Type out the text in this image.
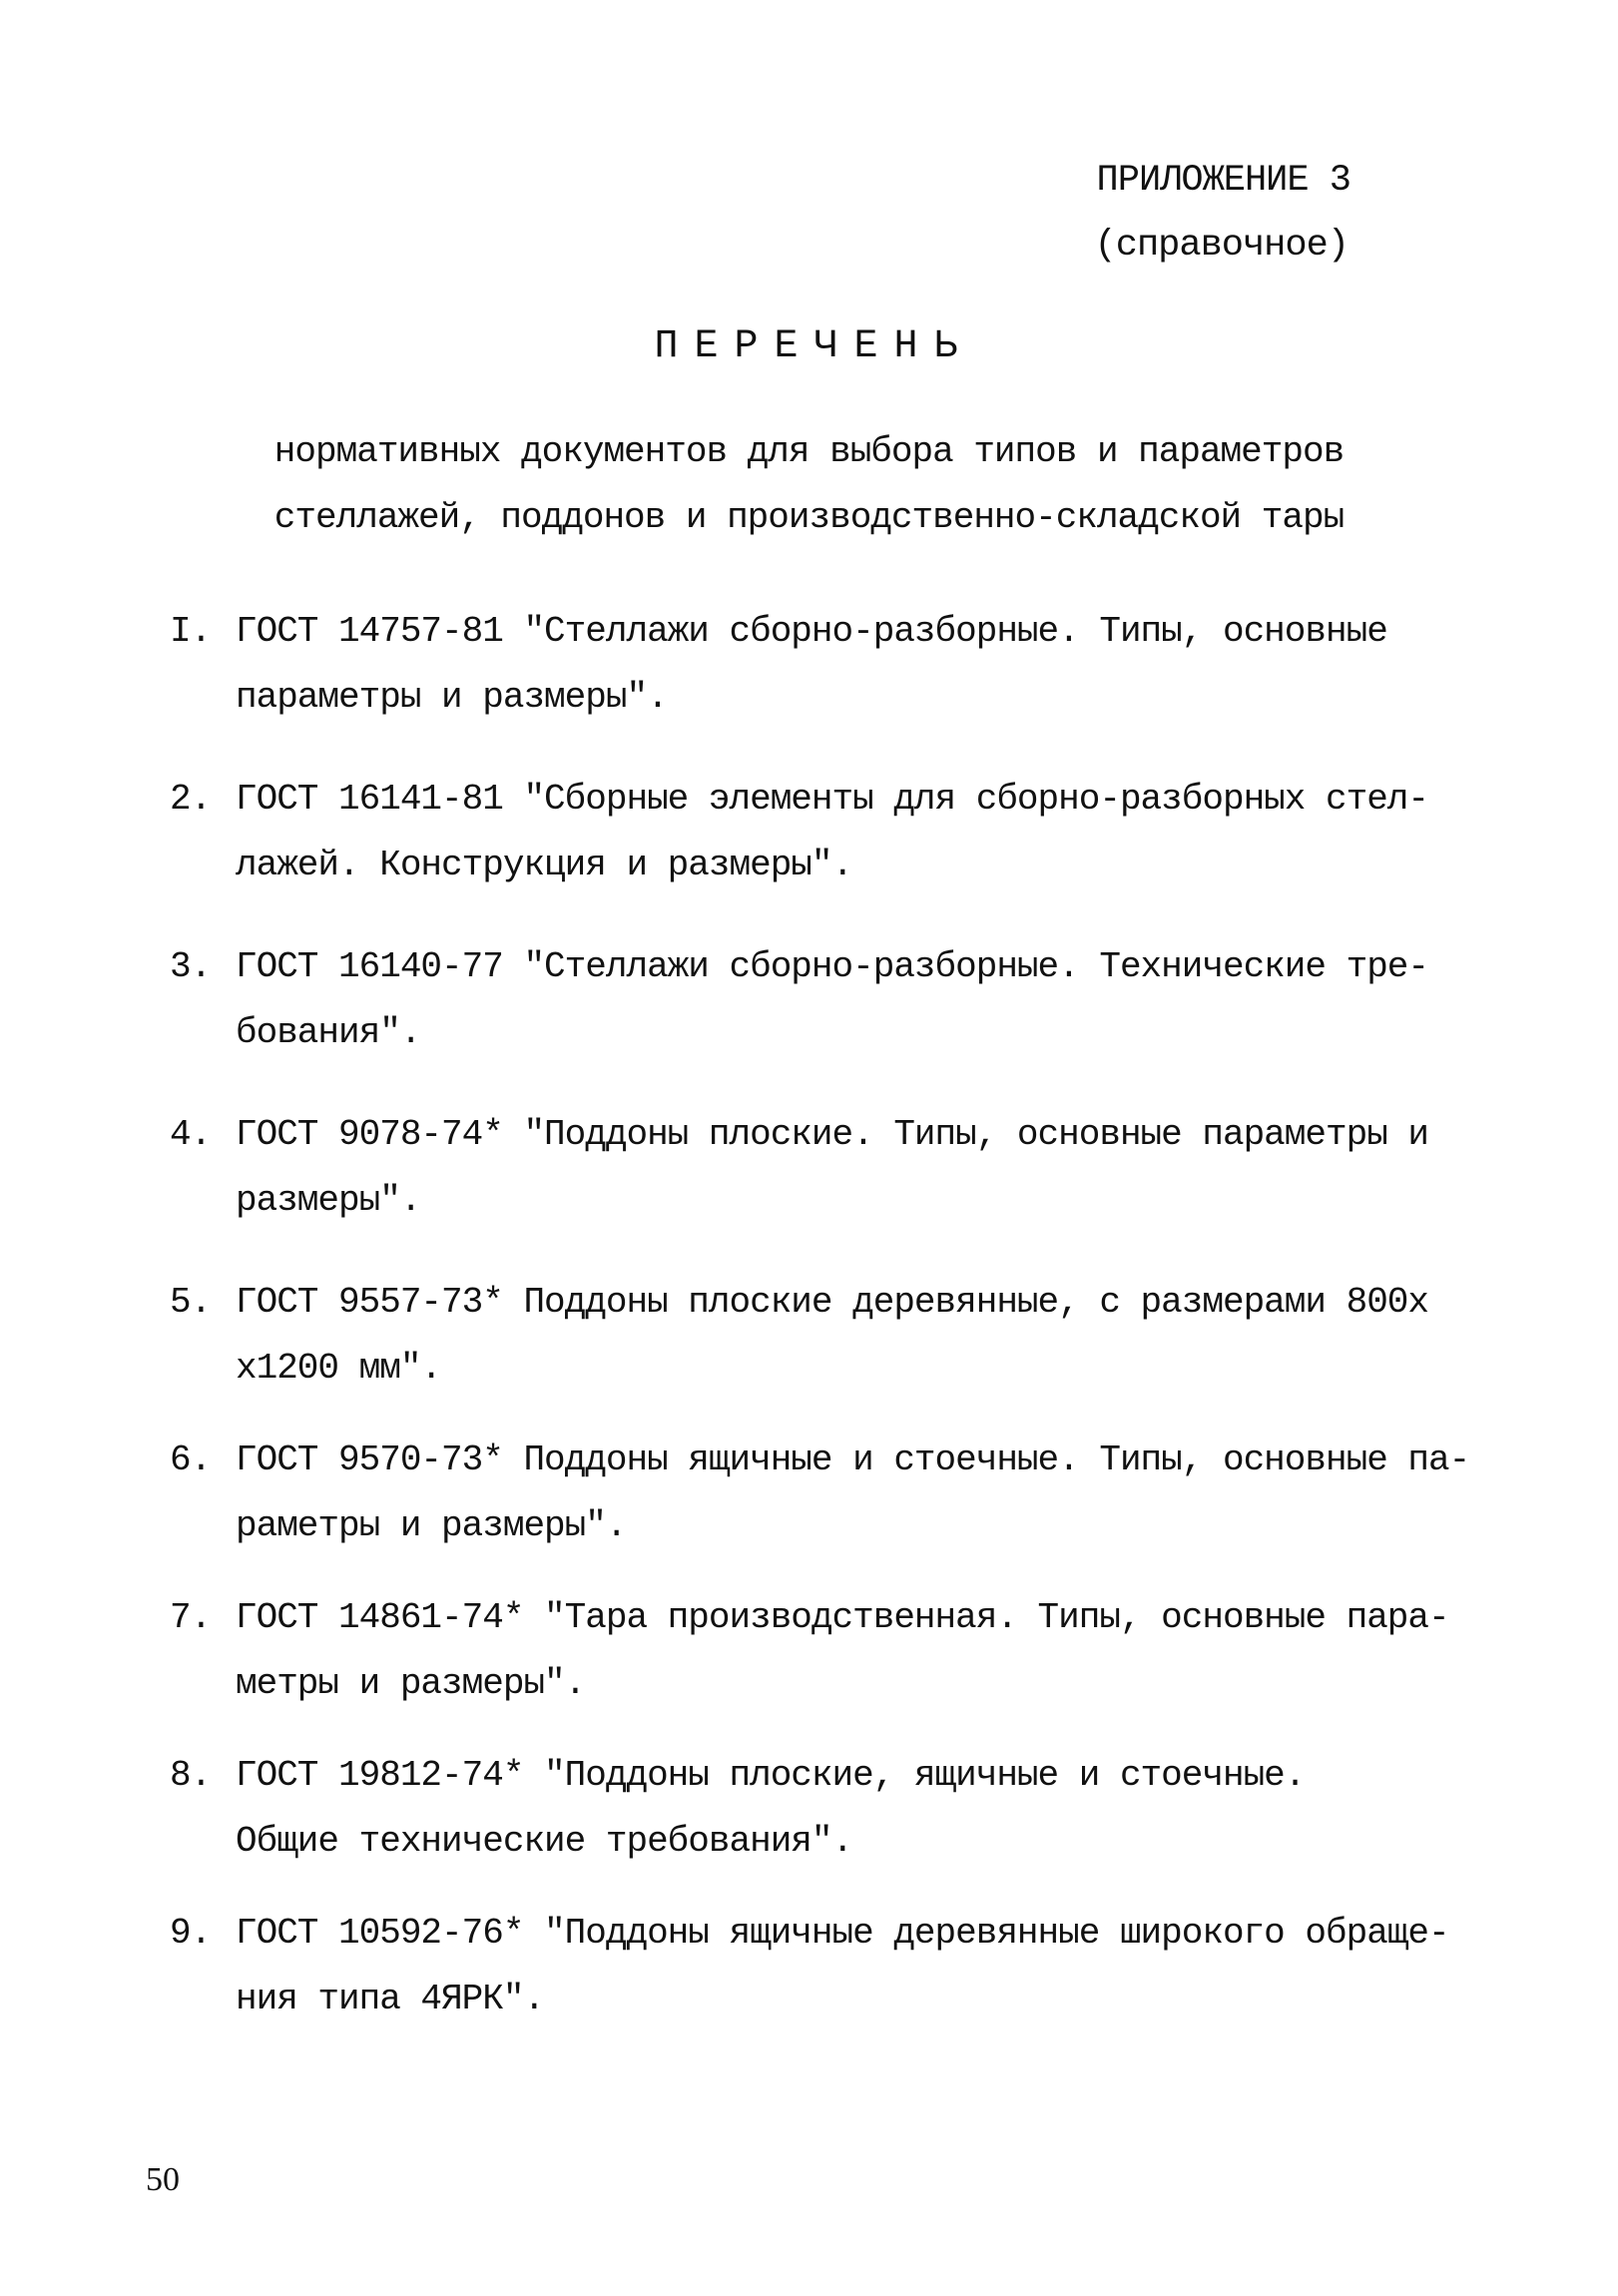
ПРИЛОЖЕНИЕ 3
(справочное)
ПЕРЕЧЕНЬ
нормативных документов для выбора типов и параметров
стеллажей, поддонов и производственно-складской тары
I. ГОСТ 14757-81 "Стеллажи сборно-разборные. Типы, основные
параметры и размеры".
2. ГОСТ 16141-81 "Сборные элементы для сборно-разборных стел-
лажей. Конструкция и размеры".
3. ГОСТ 16140-77 "Стеллажи сборно-разборные. Технические тре-
бования".
4. ГОСТ 9078-74* "Поддоны плоские. Типы, основные параметры и
размеры".
5. ГОСТ 9557-73* Поддоны плоские деревянные, с размерами 800х
х1200 мм".
6. ГОСТ 9570-73* Поддоны ящичные и стоечные. Типы, основные па-
раметры и размеры".
7. ГОСТ 14861-74* "Тара производственная. Типы, основные пара-
метры и размеры".
8. ГОСТ 19812-74* "Поддоны плоские, ящичные и стоечные.
Общие технические требования".
9. ГОСТ 10592-76* "Поддоны ящичные деревянные широкого обраще-
ния типа 4ЯРК".
50
